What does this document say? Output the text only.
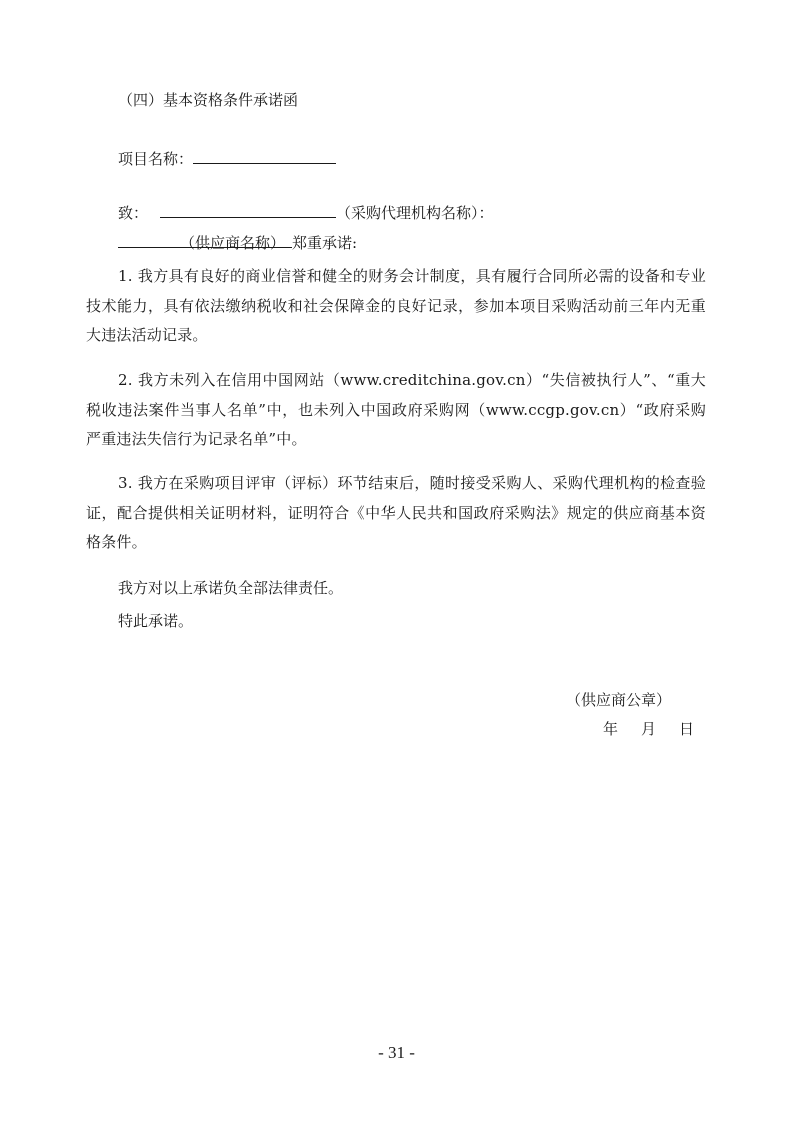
（四）基本资格条件承诺函
项目名称：
致：	（采购代理机构名称）：
（供应商名称） 郑重承诺:
1. 我方具有良好的商业信誉和健全的财务会计制度，具有履行合同所必需的设备和专业技术能力，具有依法缴纳税收和社会保障金的良好记录，参加本项目采购活动前三年内无重大违法活动记录。
2. 我方未列入在信用中国网站（www.creditchina.gov.cn）“失信被执行人”、“重大税收违法案件当事人名单”中，也未列入中国政府采购网（www.ccgp.gov.cn）“政府采购严重违法失信行为记录名单”中。
3. 我方在采购项目评审（评标）环节结束后，随时接受采购人、采购代理机构的检查验证，配合提供相关证明材料，证明符合《中华人民共和国政府采购法》规定的供应商基本资格条件。
我方对以上承诺负全部法律责任。
特此承诺。
（供应商公章）
年　月　日
- 31 -
